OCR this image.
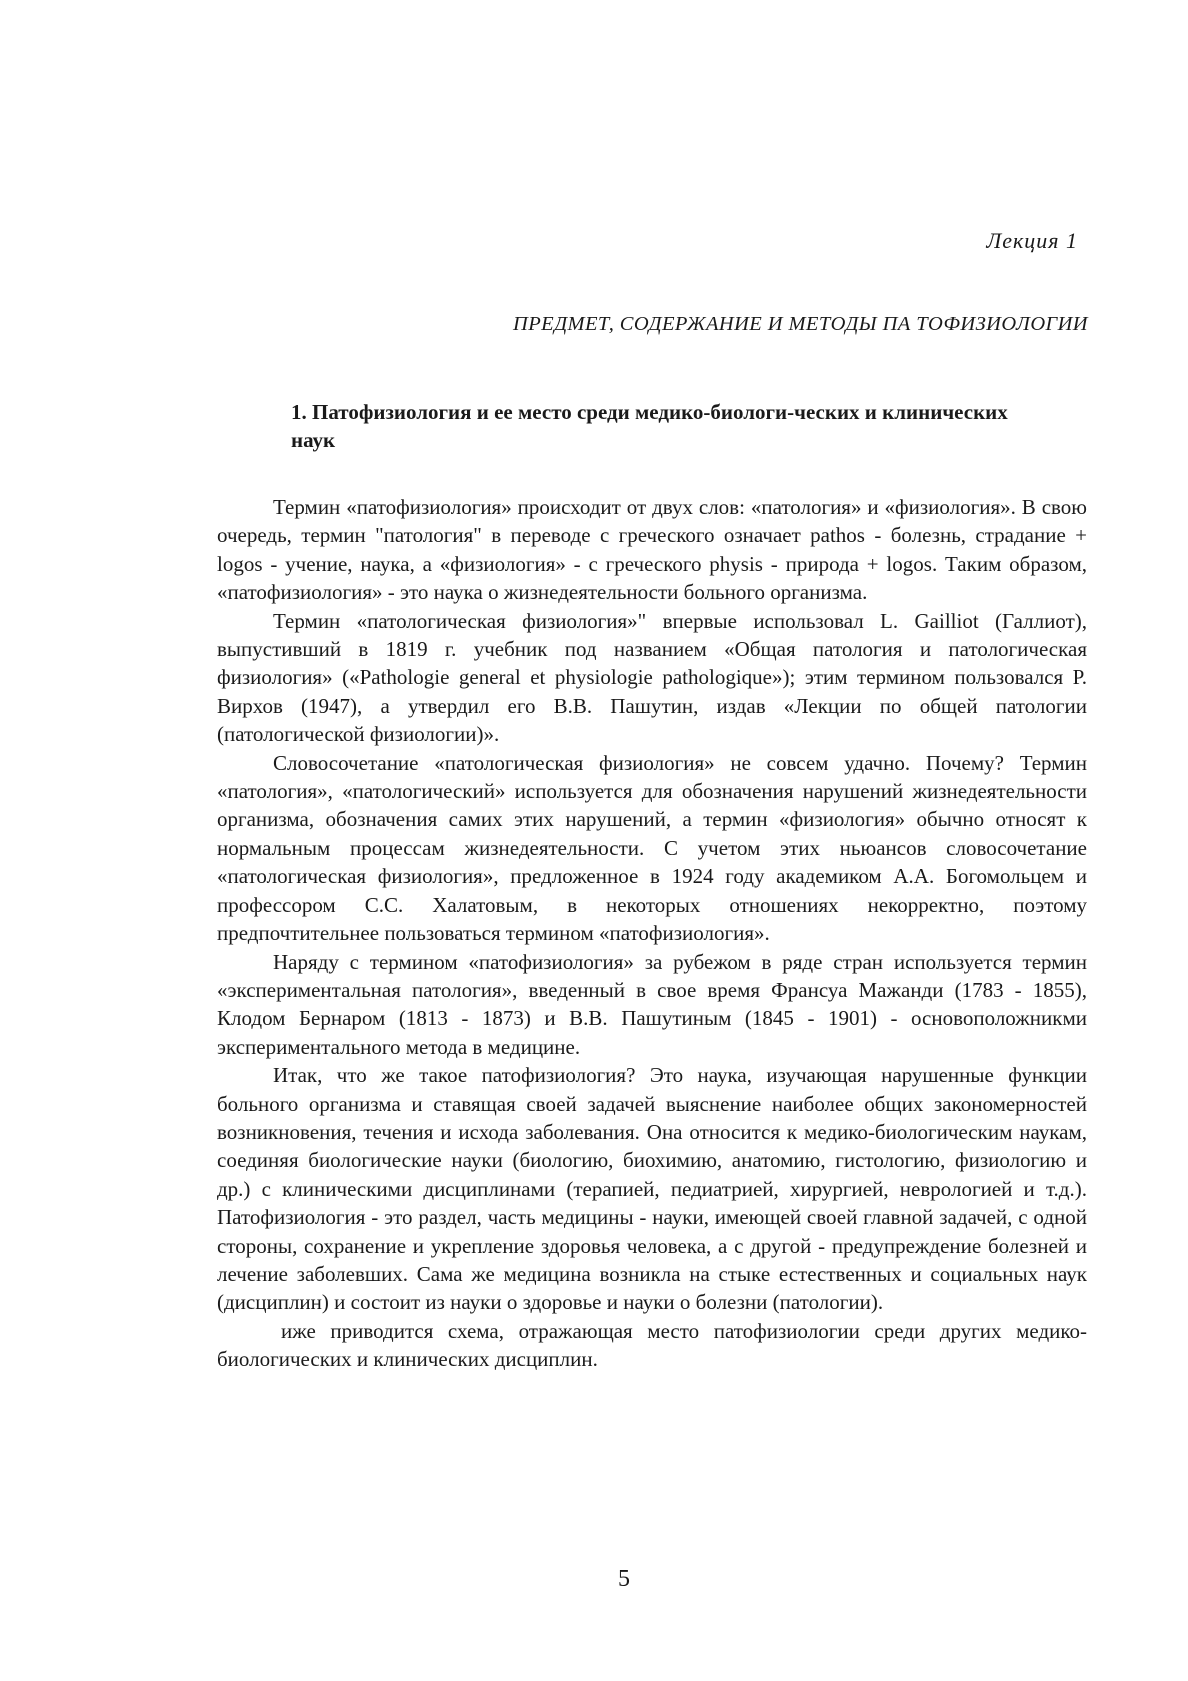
Лекция 1
ПРЕДМЕТ, СОДЕРЖАНИЕ И МЕТОДЫ ПА ТОФИЗИОЛОГИИ
1. Патофизиология и ее место среди медико-биологи-ческих и клинических наук

Термин «патофизиология» происходит от двух слов: «патология» и «физиология». В свою очередь, термин "патология" в переводе с греческого означает pathos - болезнь, страдание + logos - учение, наука, а «физиология» - с греческого physis - природа + logos. Таким образом, «патофизиология» - это наука о жизнедеятельности больного организма.

Термин «патологическая физиология»" впервые использовал L. Gailliot (Галлиот), выпустивший в 1819 г. учебник под названием «Общая патология и патологическая физиология» («Pathologie general et physiologie pathologique»); этим термином пользовался Р. Вирхов (1947), а утвердил его В.В. Пашутин, издав «Лекции по общей патологии (патологической физиологии)».

Словосочетание «патологическая физиология» не совсем удачно. Почему? Термин «патология», «патологический» используется для обозначения нарушений жизнедеятельности организма, обозначения самих этих нарушений, а термин «физиология» обычно относят к нормальным процессам жизнедеятельности. С учетом этих ньюансов словосочетание «патологическая физиология», предложенное в 1924 году академиком А.А. Богомольцем и профессором С.С. Халатовым, в некоторых отношениях некорректно, поэтому предпочтительнее пользоваться термином «патофизиология».

Наряду с термином «патофизиология» за рубежом в ряде стран используется термин «экспериментальная патология», введенный в свое время Франсуа Мажанди (1783 - 1855), Клодом Бернаром (1813 - 1873) и В.В. Пашутиным (1845 - 1901) - основоположникми экспериментального метода в медицине.

Итак, что же такое патофизиология? Это наука, изучающая нарушенные функции больного организма и ставящая своей задачей выяснение наиболее общих закономерностей возникновения, течения и исхода заболевания. Она относится к медико-биологическим наукам, соединяя биологические науки (биологию, биохимию, анатомию, гистологию, физиологию и др.) с клиническими дисциплинами (терапией, педиатрией, хирургией, неврологией и т.д.). Патофизиология - это раздел, часть медицины - науки, имеющей своей главной задачей, с одной стороны, сохранение и укрепление здоровья человека, а с другой - предупреждение болезней и лечение заболевших. Сама же медицина возникла на стыке естественных и социальных наук (дисциплин) и состоит из науки о здоровье и науки о болезни (патологии).

иже приводится схема, отражающая место патофизиологии среди других медико-биологических и клинических дисциплин.

5
